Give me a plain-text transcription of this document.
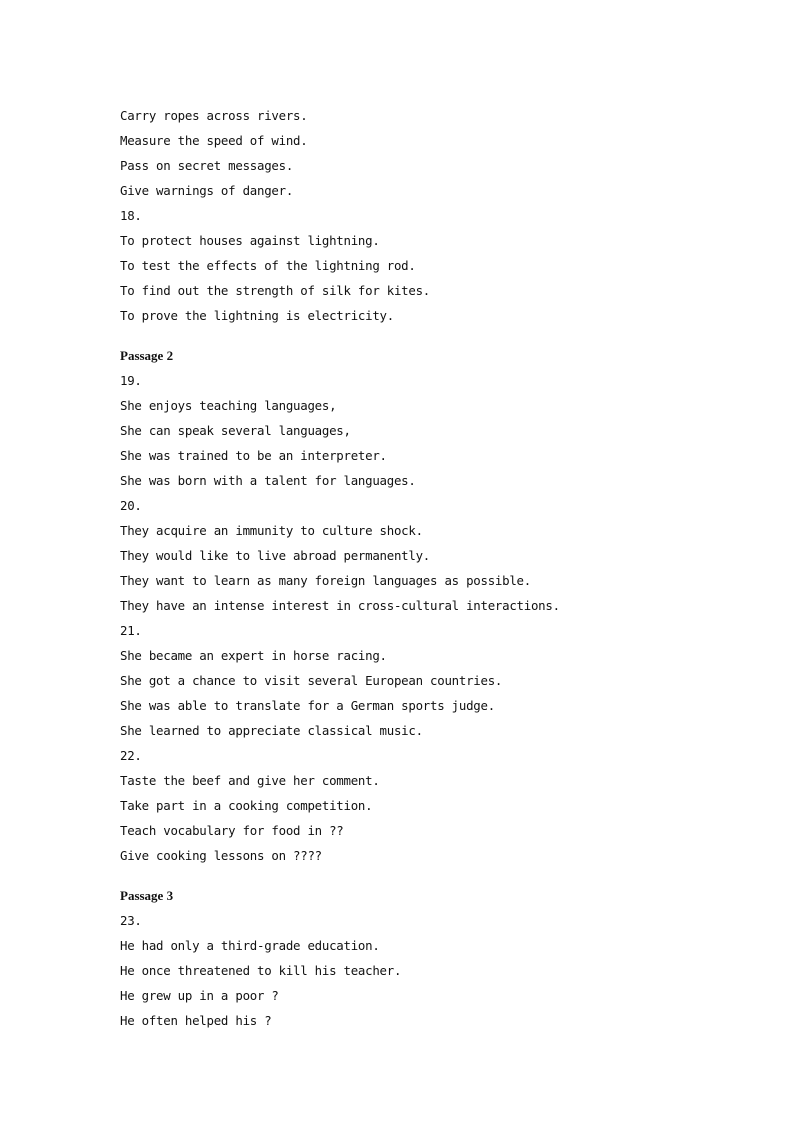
Carry ropes across rivers.
Measure the speed of wind.
Pass on secret messages.
Give warnings of danger.
18.
To protect houses against lightning.
To test the effects of the lightning rod.
To find out the strength of silk for kites.
To prove the lightning is electricity.
Passage 2
19.
She enjoys teaching languages,
She can speak several languages,
She was trained to be an interpreter.
She was born with a talent for languages.
20.
They acquire an immunity to culture shock.
They would like to live abroad permanently.
They want to learn as many foreign languages as possible.
They have an intense interest in cross-cultural interactions.
21.
She became an expert in horse racing.
She got a chance to visit several European countries.
She was able to translate for a German sports judge.
She learned to appreciate classical music.
22.
Taste the beef and give her comment.
Take part in a cooking competition.
Teach vocabulary for food in ??
Give cooking lessons on ????
Passage 3
23.
He had only a third-grade education.
He once threatened to kill his teacher.
He grew up in a poor ?
He often helped his ?
